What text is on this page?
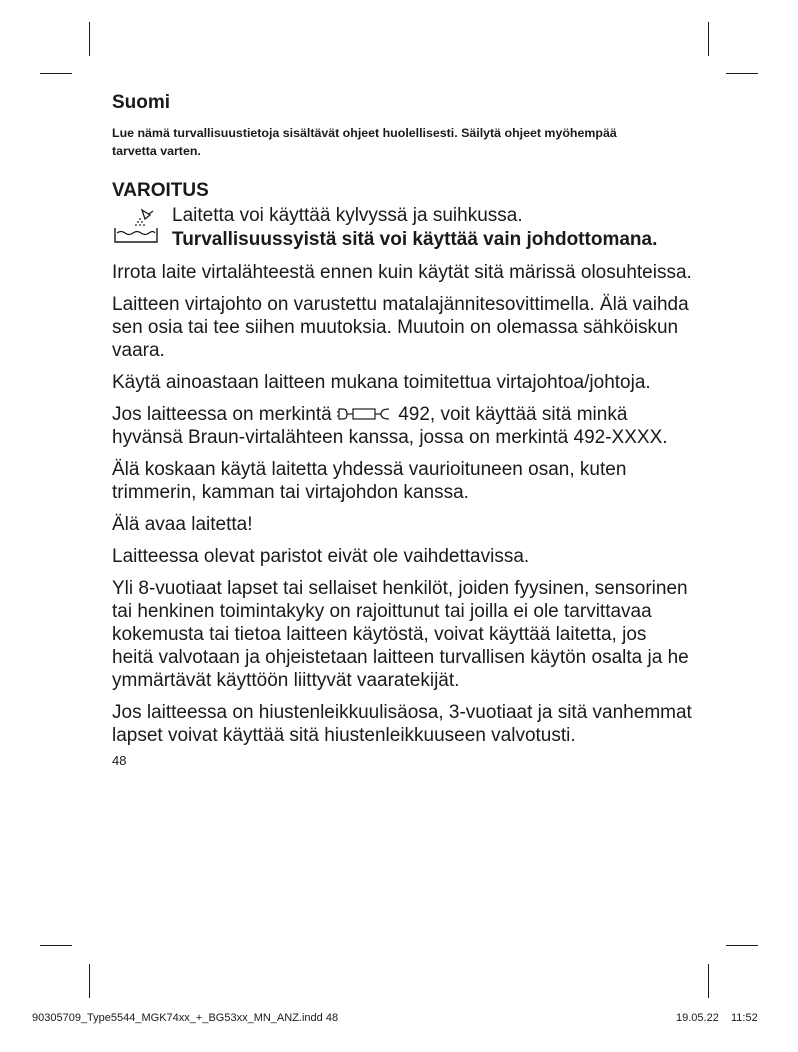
Suomi

Lue nämä turvallisuustietoja sisältävät ohjeet huolellisesti. Säilytä ohjeet myöhempää tarvetta varten.

VAROITUS

Laitetta voi käyttää kylvyssä ja suihkussa. Turvallisuussyistä sitä voi käyttää vain johdottomana.

Irrota laite virtalähteestä ennen kuin käytät sitä märissä olosuhteissa.

Laitteen virtajohto on varustettu matalajännitesovittimella. Älä vaihda sen osia tai tee siihen muutoksia. Muutoin on olemassa sähköiskun vaara.

Käytä ainoastaan laitteen mukana toimitettua virtajohtoa/johtoja.

Jos laitteessa on merkintä	492, voit käyttää sitä minkä hyvänsä Braun-virtalähteen kanssa, jossa on merkintä 492-XXXX.

Älä koskaan käytä laitetta yhdessä vaurioituneen osan, kuten trimmerin, kamman tai virtajohdon kanssa.

Älä avaa laitetta!

Laitteessa olevat paristot eivät ole vaihdettavissa.

Yli 8-vuotiaat lapset tai sellaiset henkilöt, joiden fyysinen, sensorinen tai henkinen toimintakyky on rajoittunut tai joilla ei ole tarvittavaa kokemusta tai tietoa laitteen käytöstä, voivat käyttää laitetta, jos heitä valvotaan ja ohjeistetaan laitteen turvallisen käytön osalta ja he ymmärtävät käyttöön liittyvät vaaratekijät.

Jos laitteessa on hiustenleikkuulisäosa, 3-vuotiaat ja sitä vanhemmat lapset voivat käyttää sitä hiustenleikkuuseen valvotusti.

48

90305709_Type5544_MGK74xx_+_BG53xx_MN_ANZ.indd 48	19.05.22 11:52
